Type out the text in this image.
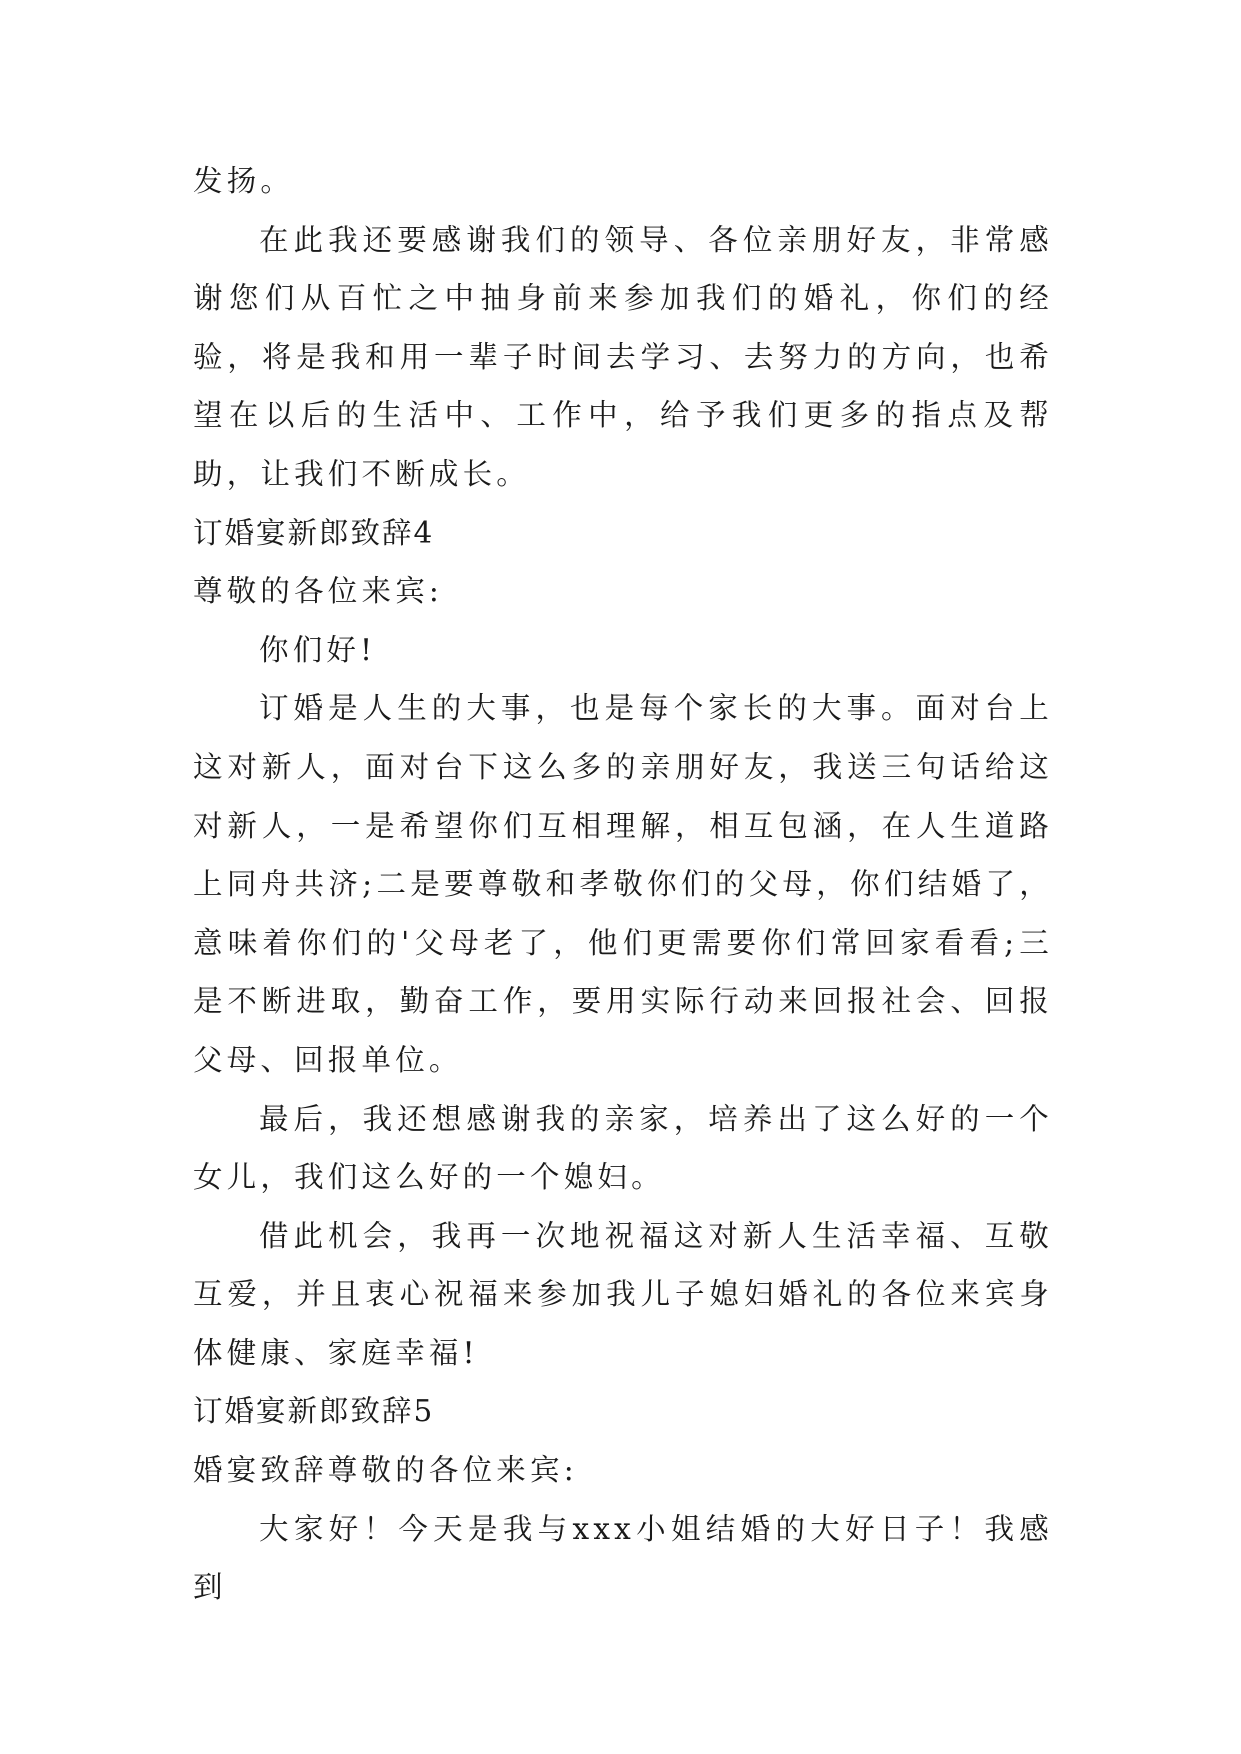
发扬。

在此我还要感谢我们的领导、各位亲朋好友，非常感谢您们从百忙之中抽身前来参加我们的婚礼，你们的经验，将是我和用一辈子时间去学习、去努力的方向，也希望在以后的生活中、工作中，给予我们更多的指点及帮助，让我们不断成长。

订婚宴新郎致辞4

尊敬的各位来宾:

你们好!

订婚是人生的大事，也是每个家长的大事。面对台上这对新人，面对台下这么多的亲朋好友，我送三句话给这对新人，一是希望你们互相理解，相互包涵，在人生道路上同舟共济;二是要尊敬和孝敬你们的父母，你们结婚了，意味着你们的'父母老了，他们更需要你们常回家看看;三是不断进取，勤奋工作，要用实际行动来回报社会、回报父母、回报单位。

最后，我还想感谢我的亲家，培养出了这么好的一个女儿，我们这么好的一个媳妇。

借此机会，我再一次地祝福这对新人生活幸福、互敬互爱，并且衷心祝福来参加我儿子媳妇婚礼的各位来宾身体健康、家庭幸福!

订婚宴新郎致辞5

婚宴致辞尊敬的各位来宾:

大家好！今天是我与xxx小姐结婚的大好日子！我感到
